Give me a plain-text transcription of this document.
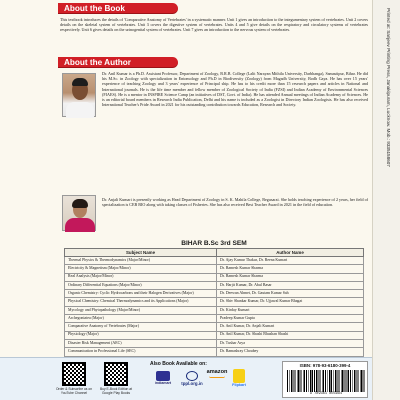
About the Book

This textbook introduces the details of 'Comparative Anatomy of Vertebrates' in a systematic manner. Unit 1 gives an introduction to the integumentary system of vertebrates. Unit 2 covers details on the skeletal system of vertebrates. Unit 3 covers the digestive system of vertebrates. Units 4 and 5 give details on the respiratory and circulatory systems of vertebrates respectively. Unit 6 gives details on the urinogenital system of vertebrates. Unit 7 gives an introduction to the nervous system of vertebrates.

About the Author

Dr. Anil Kumar is a Ph.D. Assistant Professor, Department of Zoology, B.R.B. College (Lalit Narayan Mithila University, Darbhanga), Samastipur, Bihar. He did his M.Sc. in Zoology with specialization in Entomology and Ph.D in Biodiversity (Zoology) from Magadh University, Bodh Gaya. He has over 15 years' experience of teaching Zoology and 3 years' experience of Principal ship. He has to his credit more than 15 research papers and articles in National and International journals. He is the life time member and fellow member of Zoological Society of India (FZSI) and Indian Academy of Environmental Sciences (FIAES). He is a mentor in INSPIRE Science Camp (an initiatives of DST, Govt. of India). He has attended Annual meetings of Indian Academy of Sciences. He is an editorial board members in Research India Publication, Delhi and his name is included as a Zoologist in Directory Indian Zoologists. He has also received International Teacher's Pride Award in 2021 for his outstanding contribution towards Education, Research and Society.

Dr. Anjali Kumari is presently working as Head Department of Zoology in S. K. Mahila College, Begusarai. She holds teaching experience of 2 years, her field of specialization is CEB BIO along with taking classes of Fisheries. She has also received Best Teacher Award in 2021 in the field of education.

BIHAR B.Sc 3rd SEM
Subject Name	Author Name
Thermal Physics & Thermodynamics (Major/Minor)	Dr. Ajay Kumar Thakur, Dr. Reena Kumari
Electricity & Magnetism (Major/Minor)	Dr. Ramesh Kumar Sharma
Real Analysis (Major/Minor)	Dr. Ramesh Kumar Sharma
Ordinary Differential Equations (Major/Minor)	Dr. Harjit Kumar, Dr. Abul Basar
Organic Chemistry: Cyclic Hydrocarbons and their Halogen Derivatives (Major)	Dr. Deewan Ahmet, Dr. Gautam Kumar Sah
Physical Chemistry: Chemical Thermodynamics and its Applications (Major)	Dr. Shiv Shankar Kumar, Dr. Ujjawal Kumar Bhagat
Mycology and Phytopathology (Major/Minor)	Dr. Kirday Kumari
Archegoniatea (Major)	Pradeep Kumar Gupta
Comparative Anatomy of Vertebrates (Major)	Dr. Anil Kumar, Dr. Anjali Kumari
Physiology (Major)	Dr. Anil Kumar, Dr. Shashi Bhushan Shashi
Disaster Risk Management (AEC)	Dr. Tushar Arya
Communication in Professional Life (SEC)	Dr. Ramashray Choubey
Printed at: Sanjeev Printing Press, Janakipuram, Lucknow. Mob.: 9335158607
Order & Subscribe us on YouTube Channel
Buy E-Book Edition at Google Play Books
Also Book Available on:
indiamart	tppl.org.in
amazon
Flipkart
ISBN: 978-93-6180-399-4
9 789361 803994
